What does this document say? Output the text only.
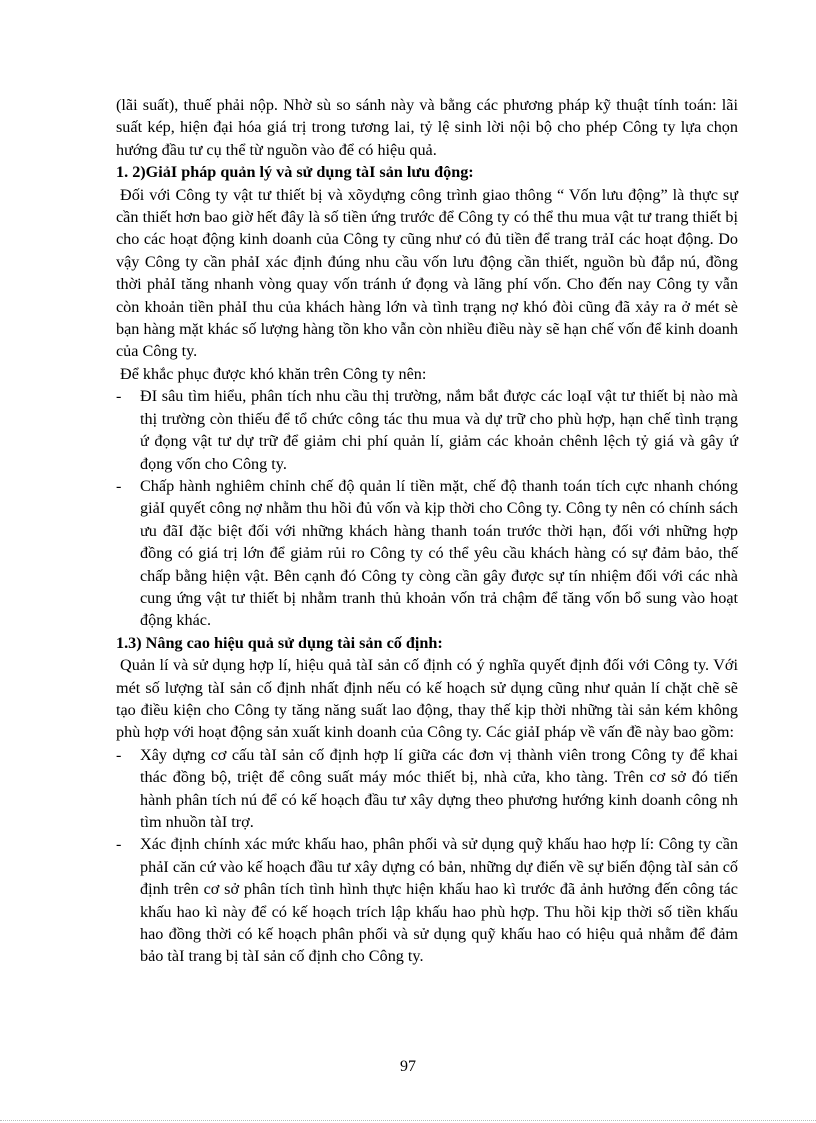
(lãi suất), thuế phải nộp. Nhờ sù so sánh này và bằng các phương pháp kỹ thuật tính toán: lãi suất kép, hiện đại hóa giá trị trong tương lai, tỷ lệ sinh lời nội bộ cho phép Công ty lựa chọn hướng đầu tư cụ thể từ nguồn vào để có hiệu quả.

1. 2)GiảI pháp quản lý và sử dụng tàI sản lưu động:

Đối với Công ty vật tư thiết bị và xõydựng công trình giao thông “ Vốn lưu động” là thực sự cần thiết hơn bao giờ hết đây là số tiền ứng trước để Công ty có thể thu mua vật tư trang thiết bị cho các hoạt động kinh doanh của Công ty cũng như có đủ tiền để trang trảI các hoạt động. Do vậy Công ty cần phảI xác định đúng nhu cầu vốn lưu động cần thiết, nguồn bù đắp nú, đồng thời phảI tăng nhanh vòng quay vốn tránh ứ đọng và lãng phí vốn. Cho đến nay Công ty vẫn còn khoản tiền phảI thu của khách hàng lớn và tình trạng nợ khó đòi cũng đã xảy ra ở mét sè bạn hàng mặt khác số lượng hàng tồn kho vẫn còn nhiều điều này sẽ hạn chế vốn để kinh doanh của Công ty.

Để khắc phục được khó khăn trên Công ty nên:

- ĐI sâu tìm hiểu, phân tích nhu cầu thị trường, nắm bắt được các loạI vật tư thiết bị nào mà thị trường còn thiếu để tổ chức công tác thu mua và dự trữ cho phù hợp, hạn chế tình trạng ứ đọng vật tư dự trữ để giảm chi phí quản lí, giảm các khoản chênh lệch tỷ giá và gây ứ đọng vốn cho Công ty.
- Chấp hành nghiêm chỉnh chế độ quản lí tiền mặt, chế độ thanh toán tích cực nhanh chóng giảI quyết công nợ nhằm thu hồi đủ vốn và kịp thời cho Công ty. Công ty nên có chính sách ưu đãI đặc biệt đối với những khách hàng thanh toán trước thời hạn, đối với những hợp đồng có giá trị lớn để giảm rủi ro Công ty có thể yêu cầu khách hàng có sự đảm bảo, thế chấp bằng hiện vật. Bên cạnh đó Công ty còng cần gây được sự tín nhiệm đối với các nhà cung ứng vật tư thiết bị nhằm tranh thủ khoản vốn trả chậm để tăng vốn bổ sung vào hoạt động khác.
1.3) Nâng cao hiệu quả sử dụng tài sản cố định:

Quản lí và sử dụng hợp lí, hiệu quả tàI sản cố định có ý nghĩa quyết định đối với Công ty. Với mét số lượng tàI sản cố định nhất định nếu có kế hoạch sử dụng cũng như quản lí chặt chẽ sẽ tạo điều kiện cho Công ty tăng năng suất lao động, thay thế kịp thời những tài sản kém không phù hợp với hoạt động sản xuất kinh doanh của Công ty. Các giảI pháp về vấn đề này bao gồm:

- Xây dựng cơ cấu tàI sản cố định hợp lí giữa các đơn vị thành viên trong Công ty để khai thác đồng bộ, triệt để công suất máy móc thiết bị, nhà cửa, kho tàng. Trên cơ sở đó tiến hành phân tích nú để có kế hoạch đầu tư xây dựng theo phương hướng kinh doanh công nh tìm nhuồn tàI trợ.
- Xác định chính xác mức khấu hao, phân phối và sử dụng quỹ khấu hao hợp lí: Công ty cần phảI căn cứ vào kế hoạch đầu tư xây dựng có bản, những dự điến về sự biến động tàI sản cố định trên cơ sở phân tích tình hình thực hiện khấu hao kì trước đã ảnh hưởng đến công tác khấu hao kì này để có kế hoạch trích lập khấu hao phù hợp. Thu hồi kịp thời số tiền khấu hao đồng thời có kế hoạch phân phối và sử dụng quỹ khấu hao có hiệu quả nhằm để đảm bảo tàI trang bị tàI sản cố định cho Công ty.
97
